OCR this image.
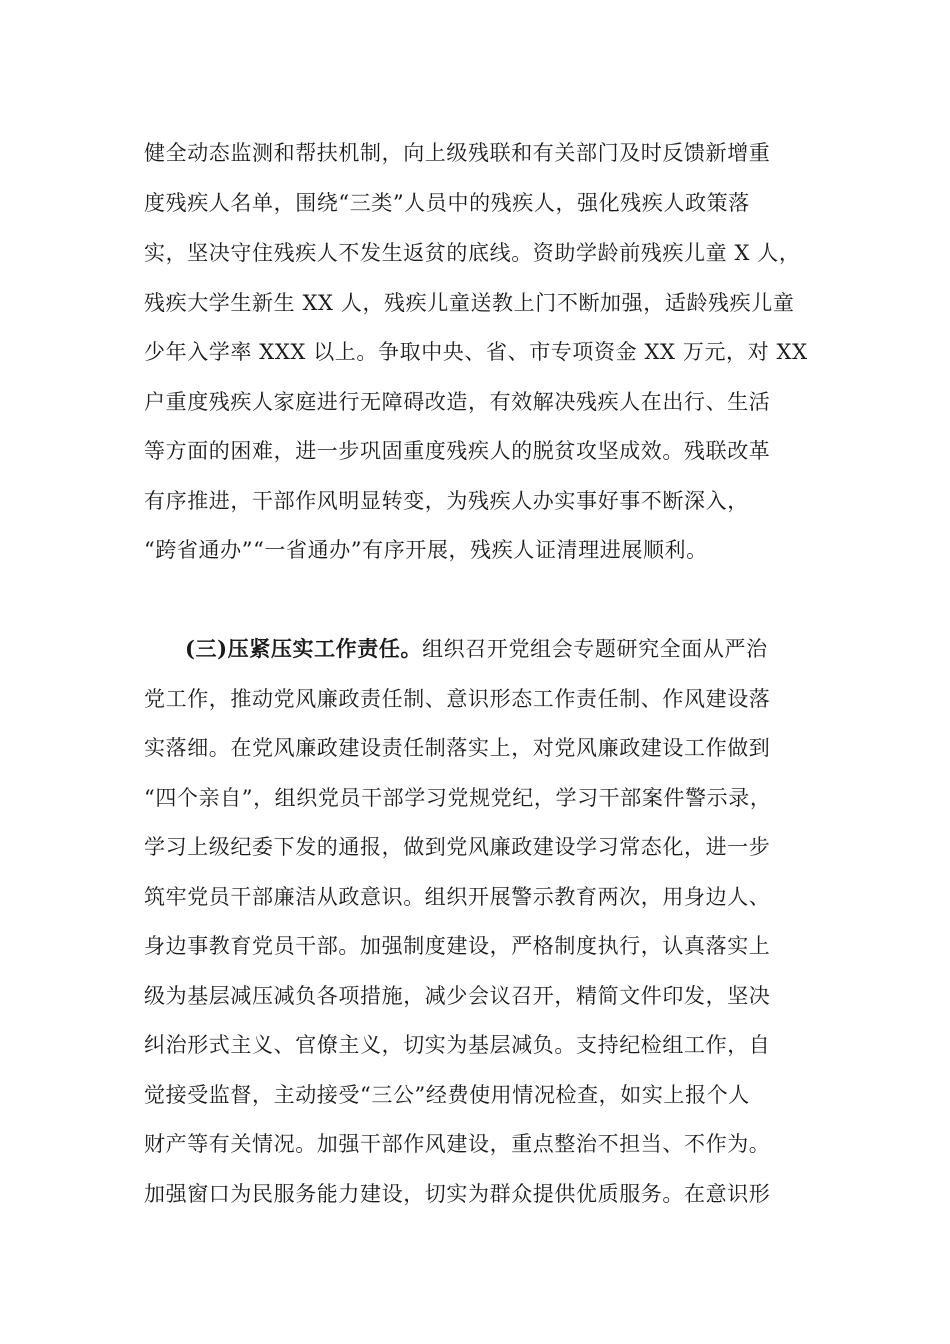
健全动态监测和帮扶机制，向上级残联和有关部门及时反馈新增重
度残疾人名单，围绕“三类”人员中的残疾人，强化残疾人政策落
实，坚决守住残疾人不发生返贫的底线。资助学龄前残疾儿童 X 人，
残疾大学生新生 XX 人，残疾儿童送教上门不断加强，适龄残疾儿童
少年入学率 XXX 以上。争取中央、省、市专项资金 XX 万元，对 XX
户重度残疾人家庭进行无障碍改造，有效解决残疾人在出行、生活
等方面的困难，进一步巩固重度残疾人的脱贫攻坚成效。残联改革
有序推进，干部作风明显转变，为残疾人办实事好事不断深入，
“跨省通办”“一省通办”有序开展，残疾人证清理进展顺利。
(三)压紧压实工作责任。组织召开党组会专题研究全面从严治
党工作，推动党风廉政责任制、意识形态工作责任制、作风建设落
实落细。在党风廉政建设责任制落实上，对党风廉政建设工作做到
“四个亲自”，组织党员干部学习党规党纪，学习干部案件警示录，
学习上级纪委下发的通报，做到党风廉政建设学习常态化，进一步
筑牢党员干部廉洁从政意识。组织开展警示教育两次，用身边人、
身边事教育党员干部。加强制度建设，严格制度执行，认真落实上
级为基层减压减负各项措施，减少会议召开，精简文件印发，坚决
纠治形式主义、官僚主义，切实为基层减负。支持纪检组工作，自
觉接受监督，主动接受“三公”经费使用情况检查，如实上报个人
财产等有关情况。加强干部作风建设，重点整治不担当、不作为。
加强窗口为民服务能力建设，切实为群众提供优质服务。在意识形
